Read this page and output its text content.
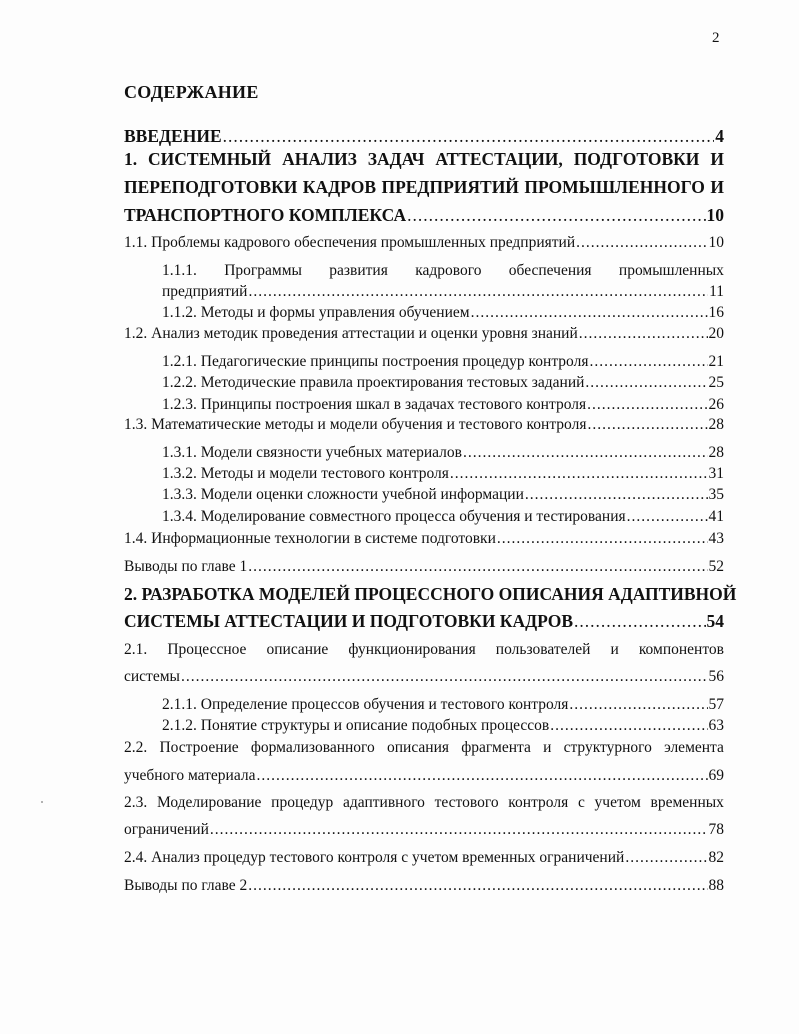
2
СОДЕРЖАНИЕ
ВВЕДЕНИЕ .....	4
1. СИСТЕМНЫЙ АНАЛИЗ ЗАДАЧ АТТЕСТАЦИИ, ПОДГОТОВКИ И
ПЕРЕПОДГОТОВКИ КАДРОВ ПРЕДПРИЯТИЙ ПРОМЫШЛЕННОГО И
ТРАНСПОРТНОГО КОМПЛЕКСА .....	10
1.1. Проблемы кадрового обеспечения промышленных предприятий .....	10
1.1.1. Программы развития кадрового обеспечения промышленных
предприятий .....	11
1.1.2. Методы и формы управления обучением .....	16
1.2. Анализ методик проведения аттестации и оценки уровня знаний .....	20
1.2.1. Педагогические принципы построения процедур контроля .....	21
1.2.2. Методические правила проектирования тестовых заданий .....	25
1.2.3. Принципы построения шкал в задачах тестового контроля .....	26
1.3. Математические методы и модели обучения и тестового контроля .....	28
1.3.1. Модели связности учебных материалов .....	28
1.3.2. Методы и модели тестового контроля .....	31
1.3.3. Модели оценки сложности учебной информации .....	35
1.3.4. Моделирование совместного процесса обучения и тестирования .....	41
1.4. Информационные технологии в системе подготовки .....	43
Выводы по главе 1 .....	52
2. РАЗРАБОТКА МОДЕЛЕЙ ПРОЦЕССНОГО ОПИСАНИЯ АДАПТИВНОЙ
СИСТЕМЫ АТТЕСТАЦИИ И ПОДГОТОВКИ КАДРОВ .....	54
2.1. Процессное описание функционирования пользователей и компонентов
системы .....	56
2.1.1. Определение процессов обучения и тестового контроля .....	57
2.1.2. Понятие структуры и описание подобных процессов .....	63
2.2. Построение формализованного описания фрагмента и структурного элемента
учебного материала .....	69
2.3. Моделирование процедур адаптивного тестового контроля с учетом временных
ограничений .....	78
2.4. Анализ процедур тестового контроля с учетом временных ограничений .....	82
Выводы по главе 2 .....	88
